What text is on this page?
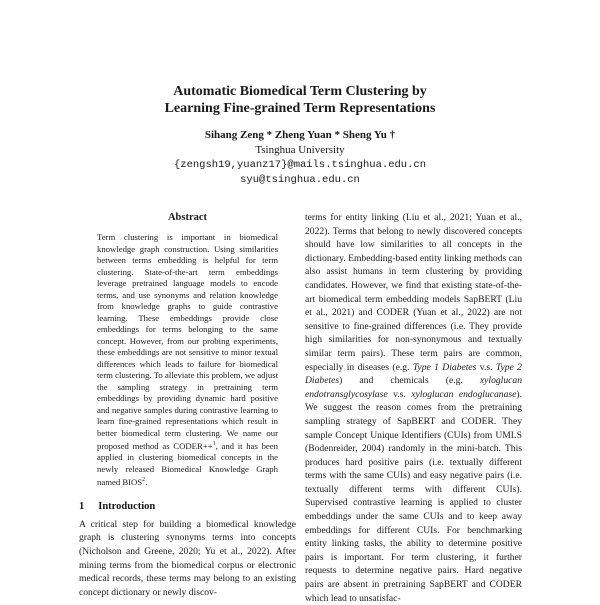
Automatic Biomedical Term Clustering by
Learning Fine-grained Term Representations
Sihang Zeng * Zheng Yuan * Sheng Yu †
Tsinghua University
{zengsh19,yuanz17}@mails.tsinghua.edu.cn
syu@tsinghua.edu.cn
Abstract

Term clustering is important in biomedical knowledge graph construction. Using similarities between terms embedding is helpful for term clustering. State-of-the-art term embeddings leverage pretrained language models to encode terms, and use synonyms and relation knowledge from knowledge graphs to guide contrastive learning. These embeddings provide close embeddings for terms belonging to the same concept. However, from our probing experiments, these embeddings are not sensitive to minor textual differences which leads to failure for biomedical term clustering. To alleviate this problem, we adjust the sampling strategy in pretraining term embeddings by providing dynamic hard positive and negative samples during contrastive learning to learn fine-grained representations which result in better biomedical term clustering. We name our proposed method as CODER++$^1$, and it has been applied in clustering biomedical concepts in the newly released Biomedical Knowledge Graph named BIOS$^2$.

1 Introduction
A critical step for building a biomedical knowledge graph is clustering synonyms terms into concepts (Nicholson and Greene, 2020; Yu et al., 2022). After mining terms from the biomedical corpus or electronic medical records, these terms may belong to an existing concept dictionary or newly discov-

terms for entity linking (Liu et al., 2021; Yuan et al., 2022). Terms that belong to newly discovered concepts should have low similarities to all concepts in the dictionary. Embedding-based entity linking methods can also assist humans in term clustering by providing candidates. However, we find that existing state-of-the-art biomedical term embedding models SapBERT (Liu et al., 2021) and CODER (Yuan et al., 2022) are not sensitive to fine-grained differences (i.e. They provide high similarities for non-synonymous and textually similar term pairs). These term pairs are common, especially in diseases (e.g. Type 1 Diabetes v.s. Type 2 Diabetes) and chemicals (e.g. xyloglucan endotransglycosylase v.s. xyloglucan endoglucanase). We suggest the reason comes from the pretraining sampling strategy of SapBERT and CODER. They sample Concept Unique Identifiers (CUIs) from UMLS (Bodenreider, 2004) randomly in the mini-batch. This produces hard positive pairs (i.e. textually different terms with the same CUIs) and easy negative pairs (i.e. textually different terms with different CUIs). Supervised contrastive learning is applied to cluster embeddings under the same CUIs and to keep away embeddings for different CUIs. For benchmarking entity linking tasks, the ability to determine positive pairs is important. For term clustering, it further requests to determine negative pairs. Hard negative pairs are absent in pretraining SapBERT and CODER which lead to unsatisfac-
